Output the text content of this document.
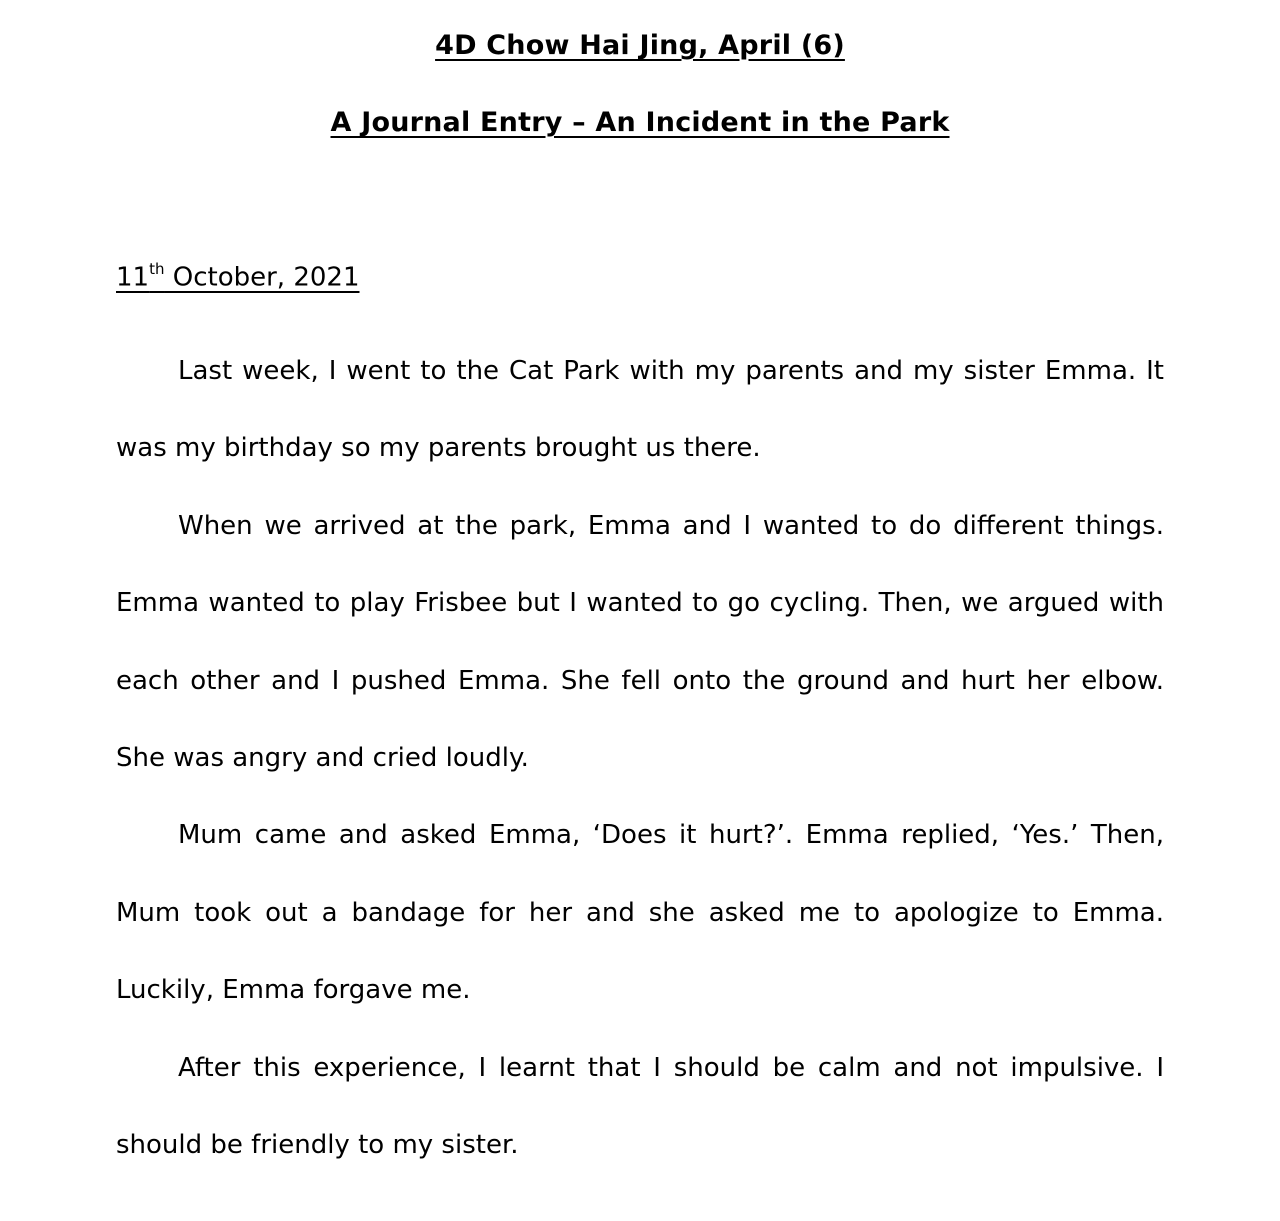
4D Chow Hai Jing, April (6)
A Journal Entry – An Incident in the Park
11th October, 2021

Last week, I went to the Cat Park with my parents and my sister Emma. It was my birthday so my parents brought us there.

When we arrived at the park, Emma and I wanted to do different things. Emma wanted to play Frisbee but I wanted to go cycling. Then, we argued with each other and I pushed Emma. She fell onto the ground and hurt her elbow. She was angry and cried loudly.

Mum came and asked Emma, ‘Does it hurt?’. Emma replied, ‘Yes.’ Then, Mum took out a bandage for her and she asked me to apologize to Emma. Luckily, Emma forgave me.

After this experience, I learnt that I should be calm and not impulsive. I should be friendly to my sister.
